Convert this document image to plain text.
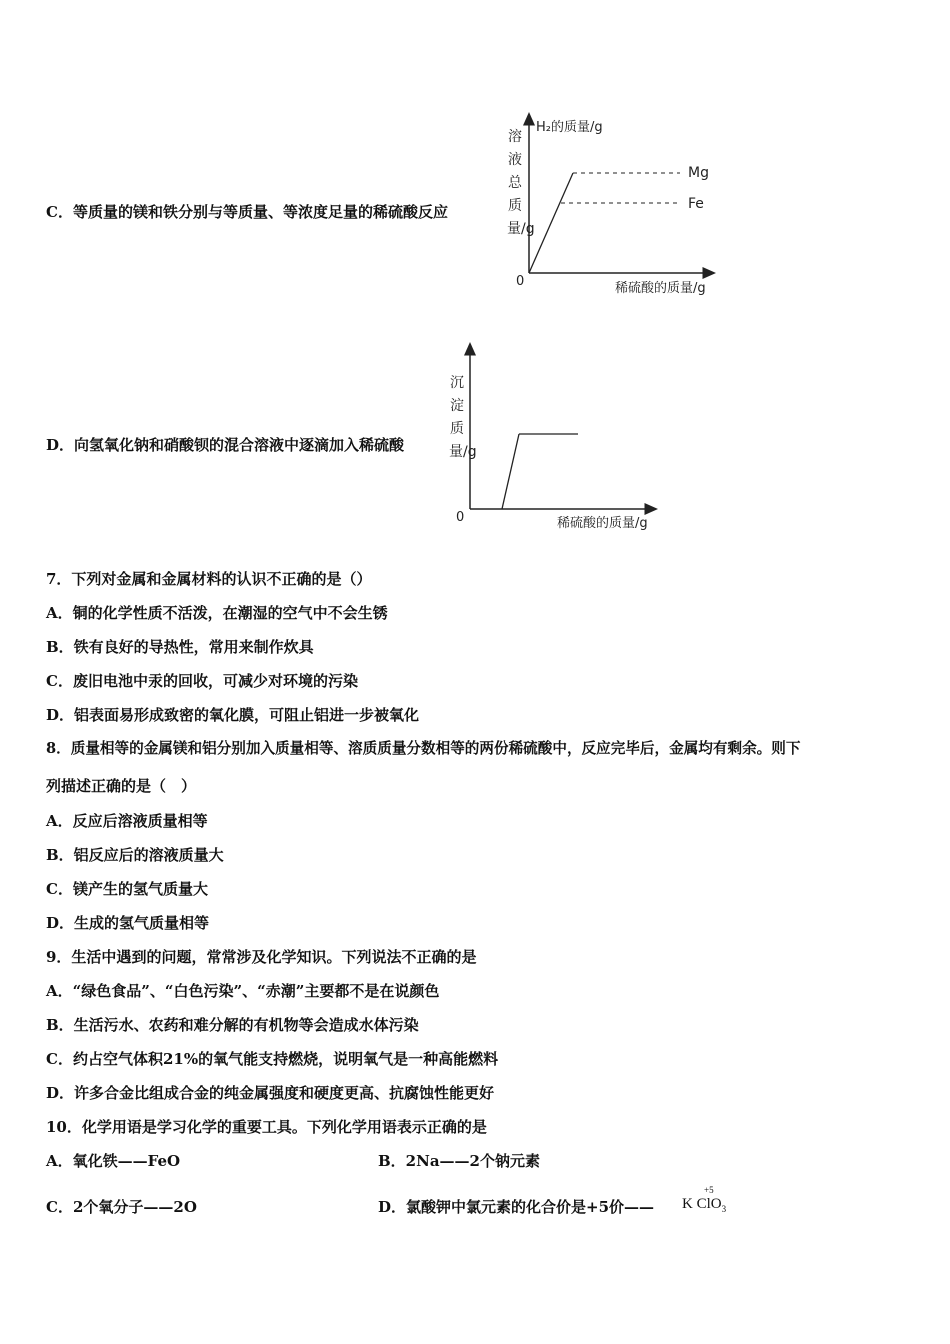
C．等质量的镁和铁分别与等质量、等浓度足量的稀硫酸反应
H₂的质量/g
溶液总质量/g
0	稀硫酸的质量/g
Mg
Fe
D．向氢氧化钠和硝酸钡的混合溶液中逐滴加入稀硫酸
沉淀质量/g
0	稀硫酸的质量/g
7．下列对金属和金属材料的认识不正确的是（）
A．铜的化学性质不活泼，在潮湿的空气中不会生锈
B．铁有良好的导热性，常用来制作炊具
C．废旧电池中汞的回收，可减少对环境的污染
D．铝表面易形成致密的氧化膜，可阻止铝进一步被氧化
8．质量相等的金属镁和铝分别加入质量相等、溶质质量分数相等的两份稀硫酸中，反应完毕后，金属均有剩余。则下
列描述正确的是（　）
A．反应后溶液质量相等
B．铝反应后的溶液质量大
C．镁产生的氢气质量大
D．生成的氢气质量相等
9．生活中遇到的问题，常常涉及化学知识。下列说法不正确的是
A．“绿色食品”、“白色污染”、“赤潮”主要都不是在说颜色
B．生活污水、农药和难分解的有机物等会造成水体污染
C．约占空气体积21%的氧气能支持燃烧，说明氧气是一种高能燃料
D．许多合金比组成合金的纯金属强度和硬度更高、抗腐蚀性能更好
10．化学用语是学习化学的重要工具。下列化学用语表示正确的是
A．氧化铁——FeO	B．2Na——2个钠元素
C．2个氧分子——2O	D．氯酸钾中氯元素的化合价是+5价——
+5
K ClO$_3$
